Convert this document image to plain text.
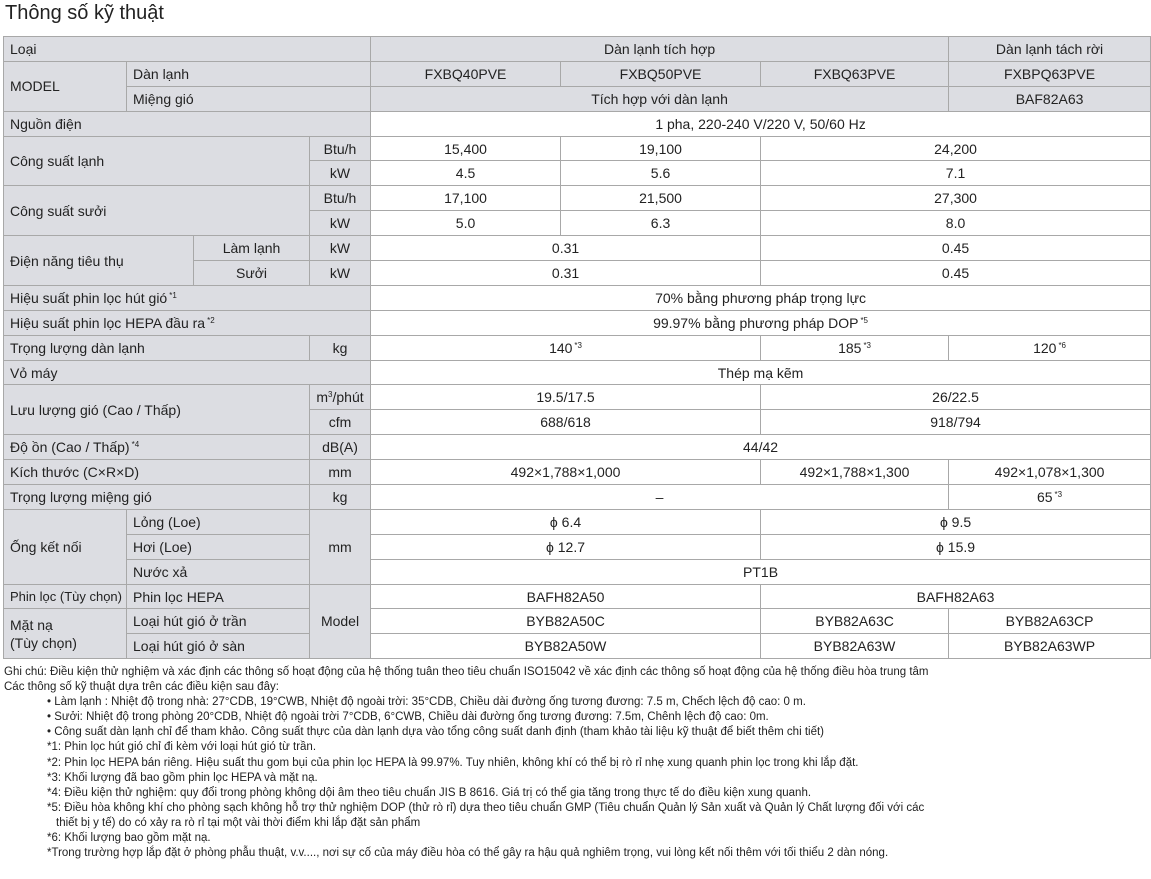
Thông số kỹ thuật
Loại				Dàn lạnh tích hợp			Dàn lạnh tách rời
MODEL	Dàn lạnh			FXBQ40PVE	FXBQ50PVE	FXBQ63PVE	FXBPQ63PVE
	Miệng gió			Tích hợp với dàn lạnh			BAF82A63
Nguồn điện				1 pha, 220-240 V/220 V, 50/60 Hz			
Công suất lạnh			Btu/h	15,400	19,100	24,200	
			kW	4.5	5.6	7.1	
Công suất sưởi			Btu/h	17,100	21,500	27,300	
			kW	5.0	6.3	8.0	
Điện năng tiêu thụ		Làm lạnh	kW	0.31		0.45	
		Sưởi	kW	0.31		0.45	
Hiệu suất phin lọc hút gió $^{*1}$				70% bằng phương pháp trọng lực			
Hiệu suất phin lọc HEPA đầu ra $^{*2}$				99.97% bằng phương pháp DOP $^{*5}$
Trọng lượng dàn lạnh			kg	140 $^{*3}$		185 $^{*3}$	120 $^{*6}$
Vỏ máy				Thép mạ kẽm			
Lưu lượng gió (Cao / Thấp)			$m^3$/phút	19.5/17.5		26/22.5	
			cfm	688/618		918/794	
Độ ồn (Cao / Thấp) $^{*4}$			dB(A)	44/42			
Kích thước (C×R×D)			mm	492×1,788×1,000		492×1,788×1,300	492×1,078×1,300
Trọng lượng miệng gió			kg	–			65 $^{*3}$
Ống kết nối	Lỏng (Loe)		mm	ϕ 6.4		ϕ 9.5	
	Hơi (Loe)			ϕ 12.7		ϕ 15.9	
	Nước xả			PT1B			
Phin lọc (Tùy chọn)	Phin lọc HEPA		Model	BAFH82A50		BAFH82A63	

Mặt nạ
(Tùy chọn)	Loại hút gió ở trần			BYB82A50C		BYB82A63C	BYB82A63CP
	Loại hút gió ở sàn			BYB82A50W		BYB82A63W	BYB82A63WP
Ghi chú: Điều kiện thử nghiệm và xác định các thông số hoạt động của hệ thống tuân theo tiêu chuẩn ISO15042 về xác định các thông số hoạt động của hệ thống điều hòa trung tâm
Các thông số kỹ thuật dựa trên các điều kiện sau đây:
• Làm lạnh : Nhiệt độ trong nhà: 27°CDB, 19°CWB, Nhiệt độ ngoài trời: 35°CDB, Chiều dài đường ống tương đương: 7.5 m, Chếch lệch độ cao: 0 m.
• Sưởi: Nhiệt độ trong phòng 20°CDB, Nhiệt độ ngoài trời 7°CDB, 6°CWB, Chiều dài đường ống tương đương: 7.5m, Chênh lệch độ cao: 0m.
• Công suất dàn lạnh chỉ để tham khảo. Công suất thực của dàn lạnh dựa vào tổng công suất danh định (tham khảo tài liệu kỹ thuật để biết thêm chi tiết)
*1: Phin lọc hút gió chỉ đi kèm với loại hút gió từ trần.
*2: Phin lọc HEPA bán riêng. Hiệu suất thu gom bụi của phin lọc HEPA là 99.97%. Tuy nhiên, không khí có thể bị rò rỉ nhẹ xung quanh phin lọc trong khi lắp đặt.
*3: Khối lượng đã bao gồm phin lọc HEPA và mặt nạ.
*4: Điều kiện thử nghiệm: quy đổi trong phòng không dội âm theo tiêu chuẩn JIS B 8616. Giá trị có thể gia tăng trong thực tế do điều kiện xung quanh.
*5: Điều hòa không khí cho phòng sạch không hỗ trợ thử nghiệm DOP (thử rò rỉ) dựa theo tiêu chuẩn GMP (Tiêu chuẩn Quản lý Sản xuất và Quản lý Chất lượng đối với các
thiết bị y tế) do có xảy ra rò rỉ tại một vài thời điểm khi lắp đặt sản phẩm
*6: Khối lượng bao gồm mặt nạ.
*Trong trường hợp lắp đặt ở phòng phẫu thuật, v.v...., nơi sự cố của máy điều hòa có thể gây ra hậu quả nghiêm trọng, vui lòng kết nối thêm với tối thiểu 2 dàn nóng.
